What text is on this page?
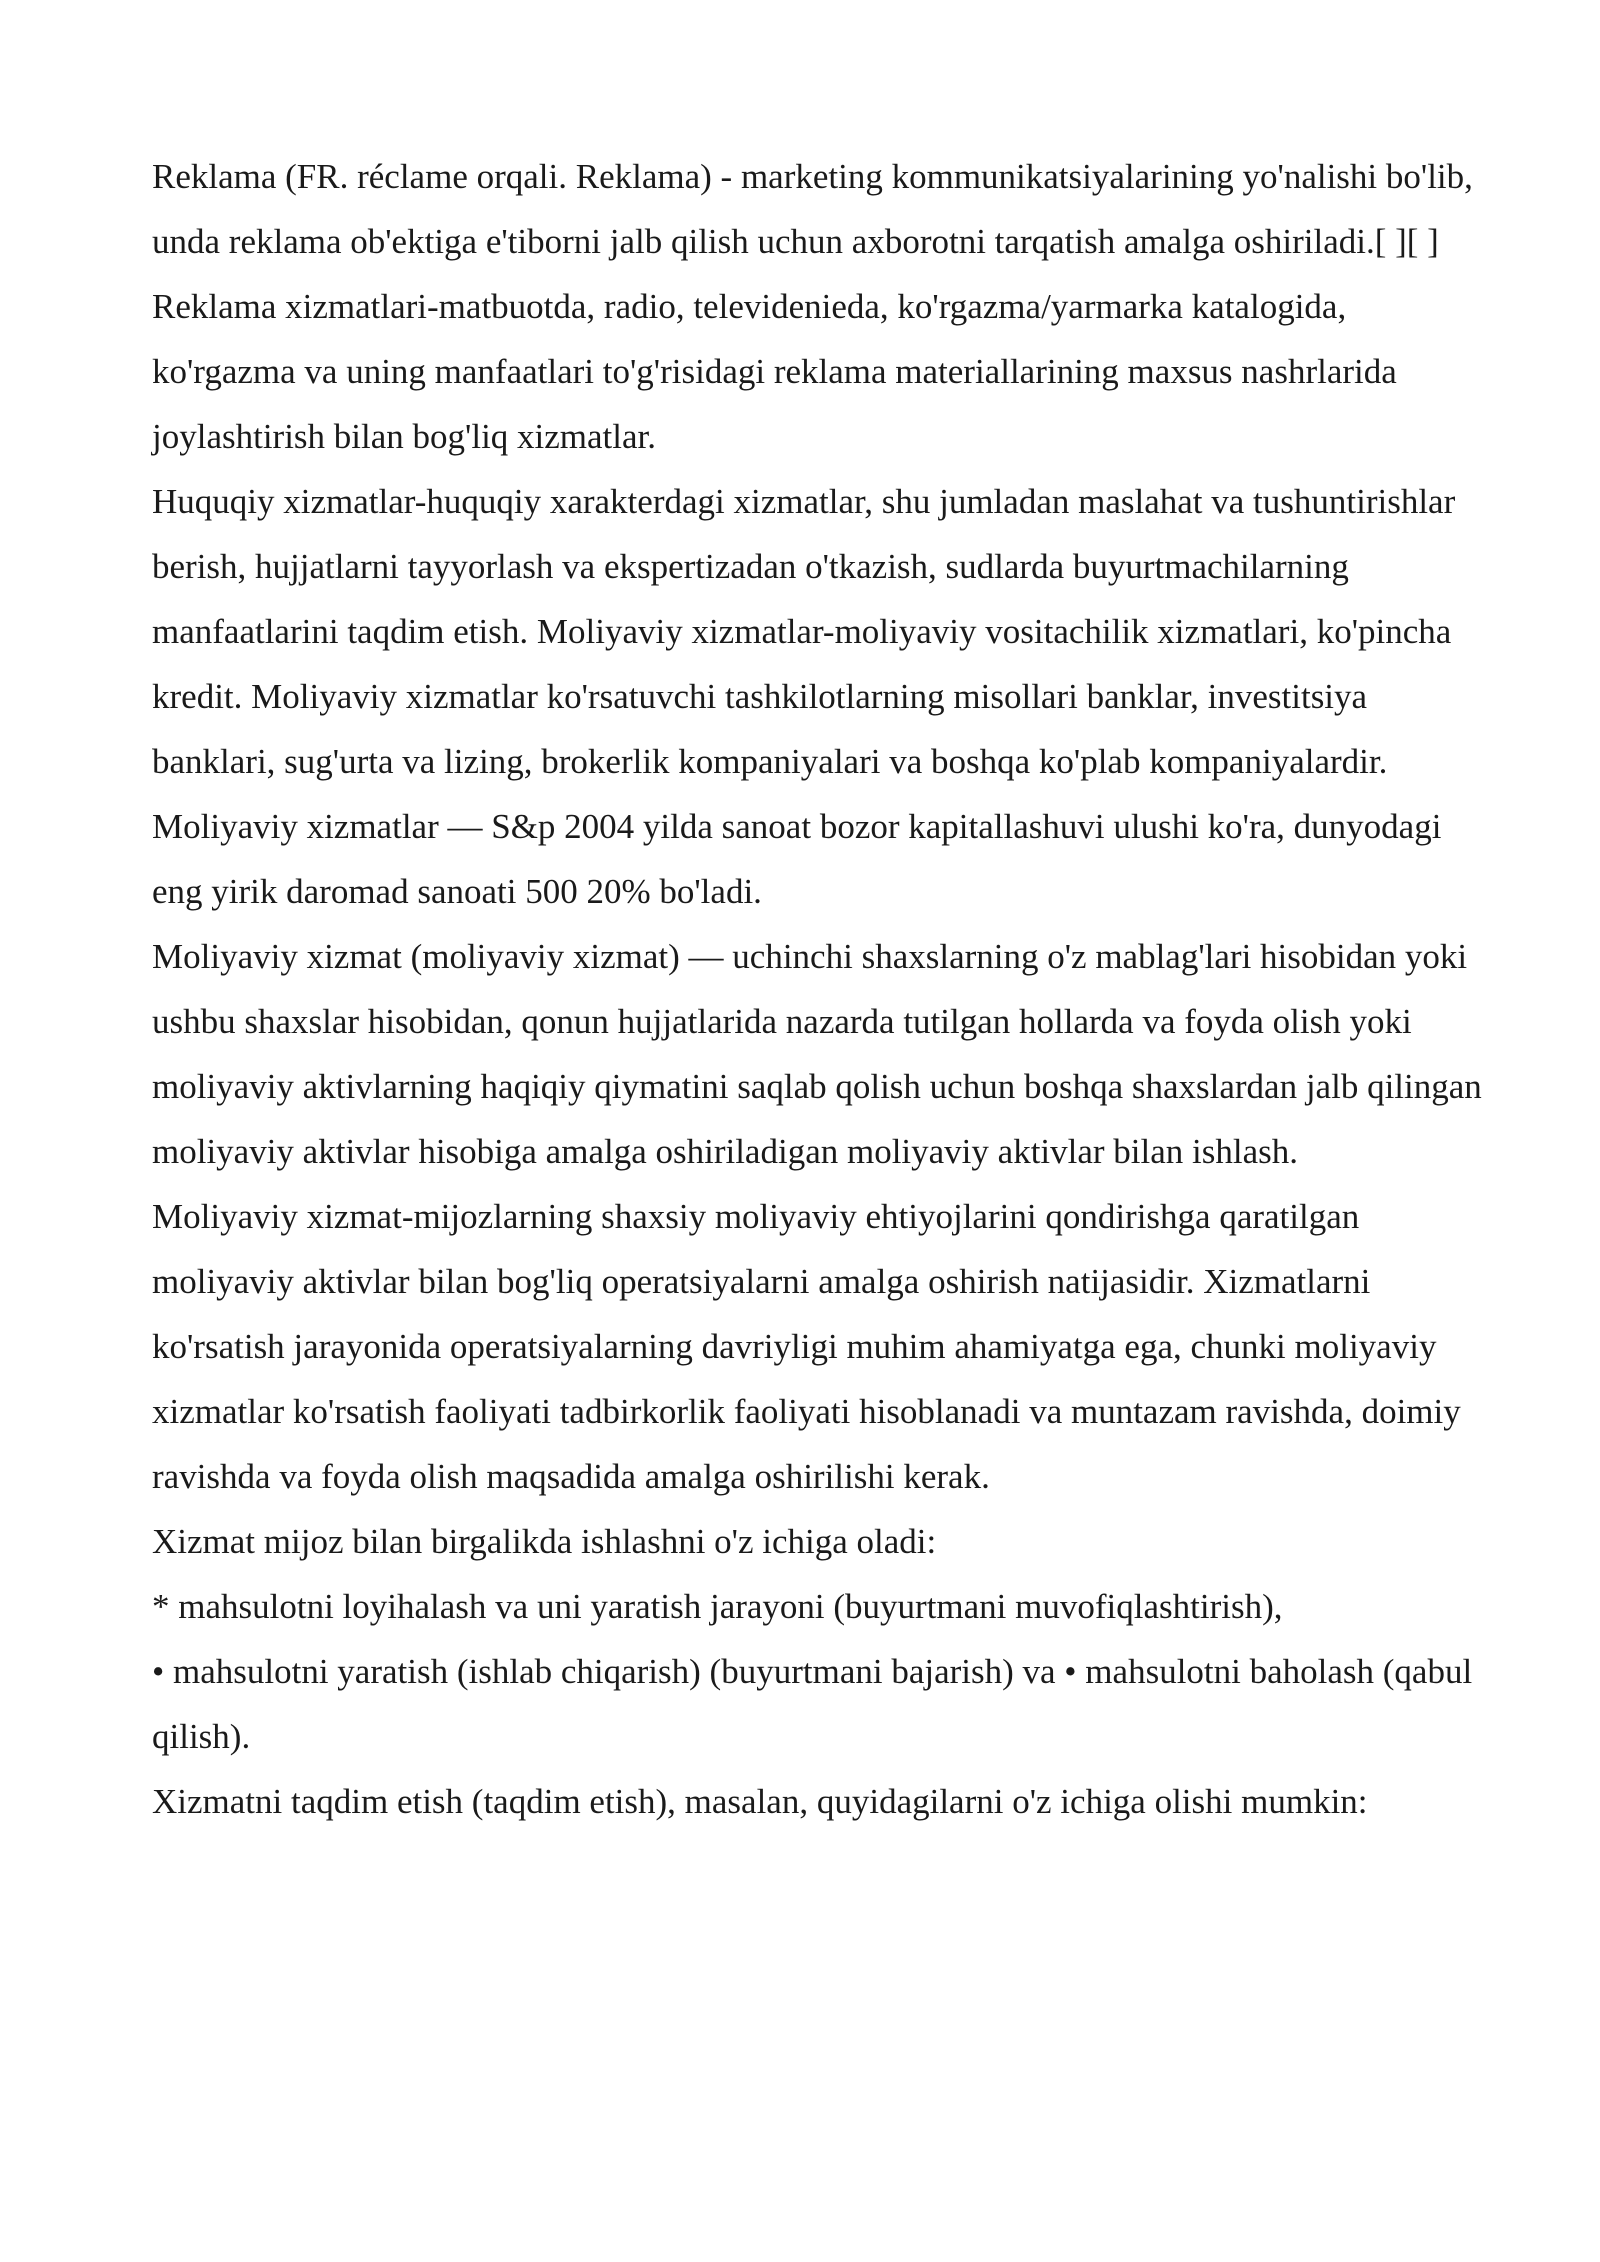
Reklama (FR. réclame orqali. Reklama) - marketing kommunikatsiyalarining yo'nalishi bo'lib, unda reklama ob'ektiga e'tiborni jalb qilish uchun axborotni tarqatish amalga oshiriladi.[ ][ ]

Reklama xizmatlari-matbuotda, radio, televidenieda, ko'rgazma/yarmarka katalogida, ko'rgazma va uning manfaatlari to'g'risidagi reklama materiallarining maxsus nashrlarida joylashtirish bilan bog'liq xizmatlar.

Huquqiy xizmatlar-huquqiy xarakterdagi xizmatlar, shu jumladan maslahat va tushuntirishlar berish, hujjatlarni tayyorlash va ekspertizadan o'tkazish, sudlarda buyurtmachilarning manfaatlarini taqdim etish. Moliyaviy xizmatlar-moliyaviy vositachilik xizmatlari, ko'pincha kredit. Moliyaviy xizmatlar ko'rsatuvchi tashkilotlarning misollari banklar, investitsiya banklari, sug'urta va lizing, brokerlik kompaniyalari va boshqa ko'plab kompaniyalardir. Moliyaviy xizmatlar — S&p 2004 yilda sanoat bozor kapitallashuvi ulushi ko'ra, dunyodagi eng yirik daromad sanoati 500 20% bo'ladi.

Moliyaviy xizmat (moliyaviy xizmat) — uchinchi shaxslarning o'z mablag'lari hisobidan yoki ushbu shaxslar hisobidan, qonun hujjatlarida nazarda tutilgan hollarda va foyda olish yoki moliyaviy aktivlarning haqiqiy qiymatini saqlab qolish uchun boshqa shaxslardan jalb qilingan moliyaviy aktivlar hisobiga amalga oshiriladigan moliyaviy aktivlar bilan ishlash.

Moliyaviy xizmat-mijozlarning shaxsiy moliyaviy ehtiyojlarini qondirishga qaratilgan moliyaviy aktivlar bilan bog'liq operatsiyalarni amalga oshirish natijasidir. Xizmatlarni ko'rsatish jarayonida operatsiyalarning davriyligi muhim ahamiyatga ega, chunki moliyaviy xizmatlar ko'rsatish faoliyati tadbirkorlik faoliyati hisoblanadi va muntazam ravishda, doimiy ravishda va foyda olish maqsadida amalga oshirilishi kerak.

Xizmat mijoz bilan birgalikda ishlashni o'z ichiga oladi:

* mahsulotni loyihalash va uni yaratish jarayoni (buyurtmani muvofiqlashtirish),

• mahsulotni yaratish (ishlab chiqarish) (buyurtmani bajarish) va • mahsulotni baholash (qabul qilish).

Xizmatni taqdim etish (taqdim etish), masalan, quyidagilarni o'z ichiga olishi mumkin:
